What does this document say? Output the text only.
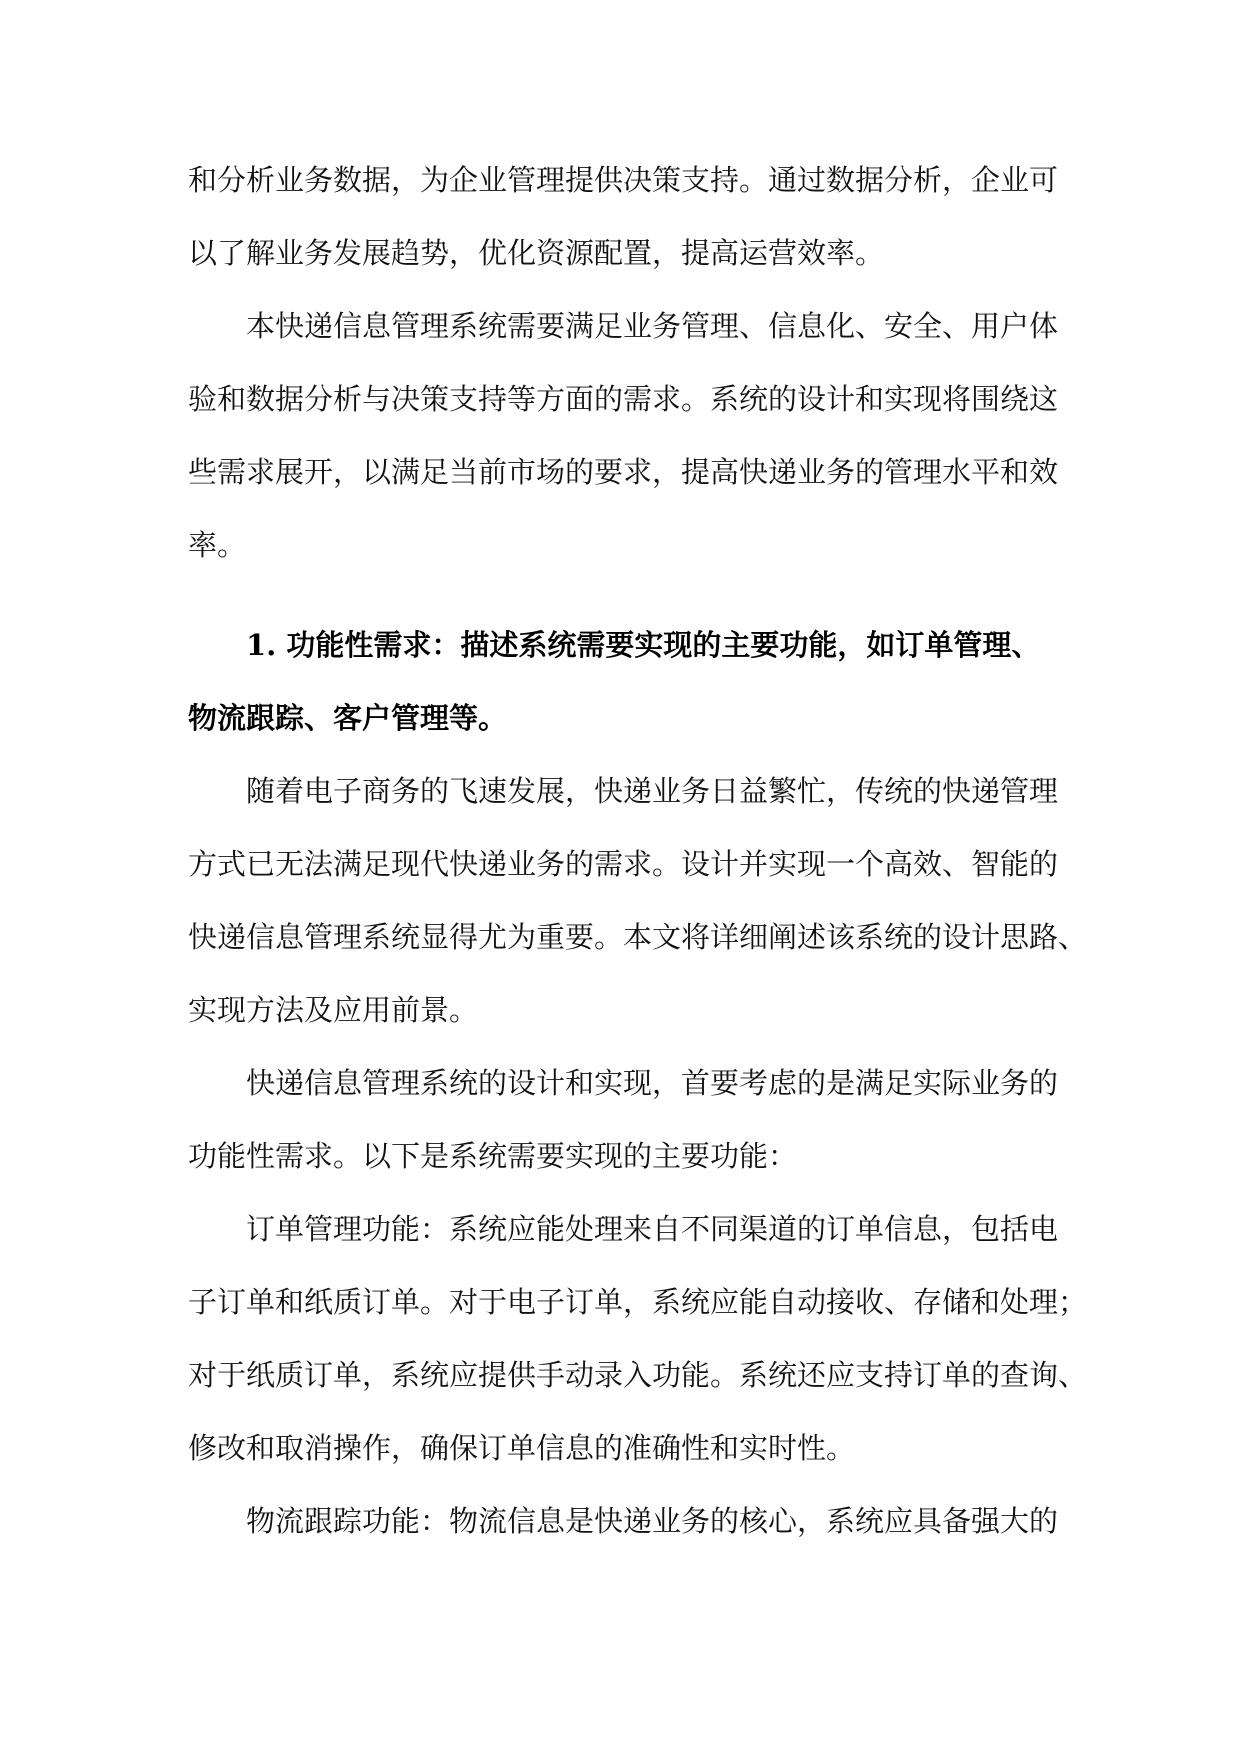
和分析业务数据，为企业管理提供决策支持。通过数据分析，企业可
以了解业务发展趋势，优化资源配置，提高运营效率。
本快递信息管理系统需要满足业务管理、信息化、安全、用户体
验和数据分析与决策支持等方面的需求。系统的设计和实现将围绕这
些需求展开，以满足当前市场的要求，提高快递业务的管理水平和效
率。
1. 功能性需求：描述系统需要实现的主要功能，如订单管理、
物流跟踪、客户管理等。
随着电子商务的飞速发展，快递业务日益繁忙，传统的快递管理
方式已无法满足现代快递业务的需求。设计并实现一个高效、智能的
快递信息管理系统显得尤为重要。本文将详细阐述该系统的设计思路、
实现方法及应用前景。
快递信息管理系统的设计和实现，首要考虑的是满足实际业务的
功能性需求。以下是系统需要实现的主要功能：
订单管理功能：系统应能处理来自不同渠道的订单信息，包括电
子订单和纸质订单。对于电子订单，系统应能自动接收、存储和处理；
对于纸质订单，系统应提供手动录入功能。系统还应支持订单的查询、
修改和取消操作，确保订单信息的准确性和实时性。
物流跟踪功能：物流信息是快递业务的核心，系统应具备强大的
